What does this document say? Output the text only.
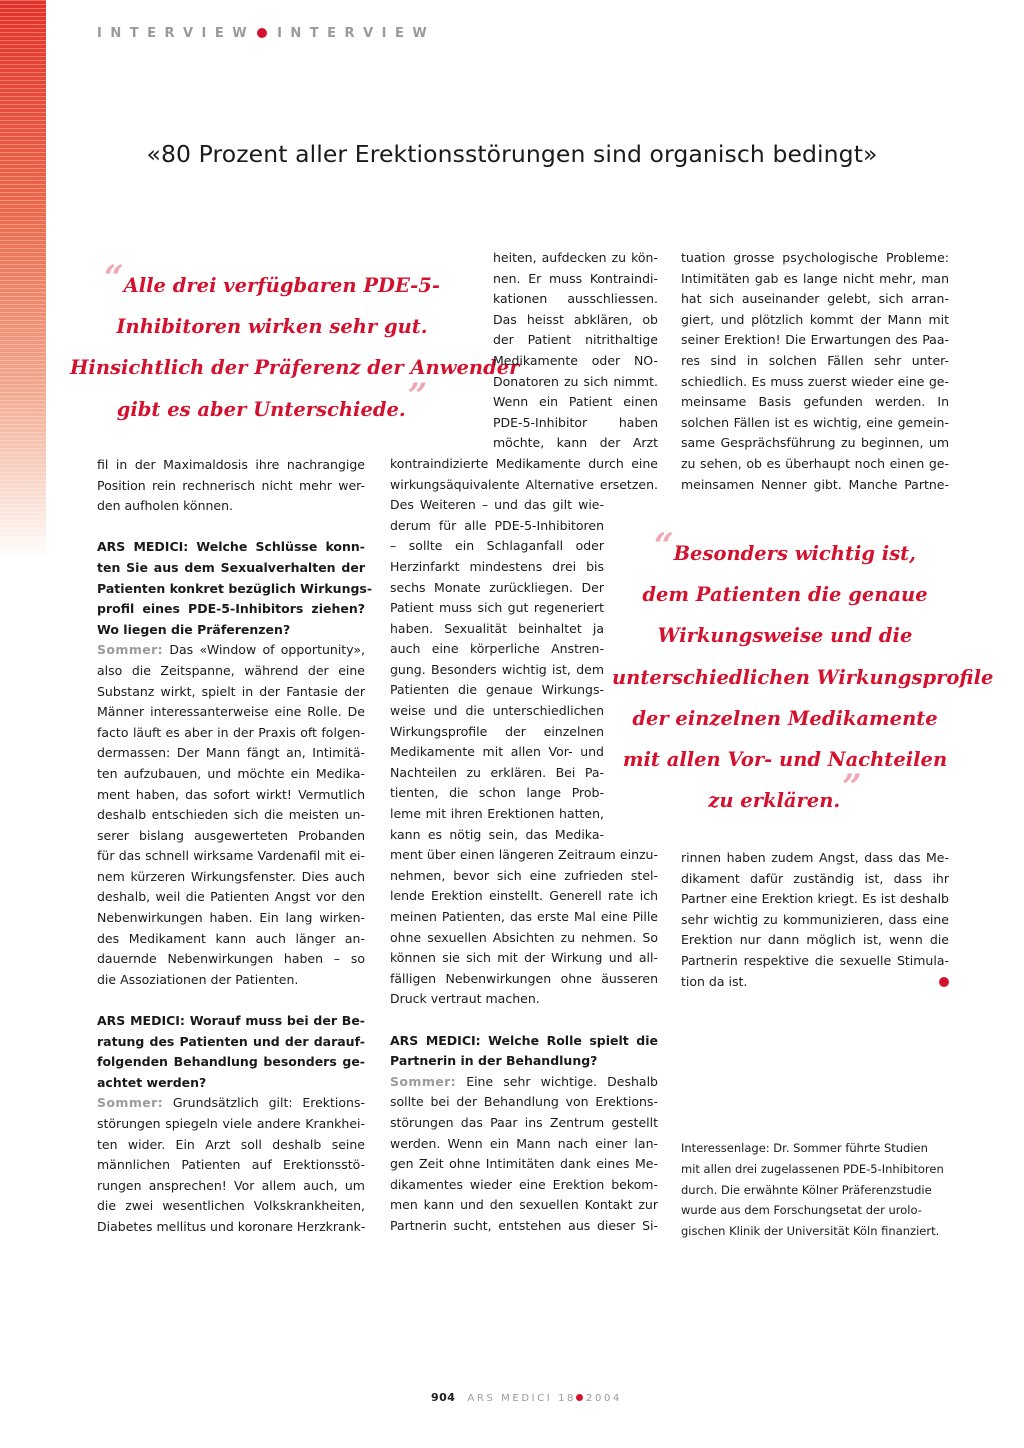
INTERVIEW INTERVIEW
«80 Prozent aller Erektionsstörungen sind organisch bedingt»
“Alle drei verfügbaren PDE-5-
Inhibitoren wirken sehr gut.
Hinsichtlich der Präferenz der Anwender
gibt es aber Unterschiede.”

fil in der Maximaldosis ihre nachrangige

Position rein rechnerisch nicht mehr wer-

den aufholen können.

ARS MEDICI: Welche Schlüsse konn-

ten Sie aus dem Sexualverhalten der

Patienten konkret bezüglich Wirkungs-

profil eines PDE-5-Inhibitors ziehen?

Wo liegen die Präferenzen?

Sommer: Das «Window of opportunity»,

also die Zeitspanne, während der eine

Substanz wirkt, spielt in der Fantasie der

Männer interessanterweise eine Rolle. De

facto läuft es aber in der Praxis oft folgen-

dermassen: Der Mann fängt an, Intimitä-

ten aufzubauen, und möchte ein Medika-

ment haben, das sofort wirkt! Vermutlich

deshalb entschieden sich die meisten un-

serer bislang ausgewerteten Probanden

für das schnell wirksame Vardenafil mit ei-

nem kürzeren Wirkungsfenster. Dies auch

deshalb, weil die Patienten Angst vor den

Nebenwirkungen haben. Ein lang wirken-

des Medikament kann auch länger an-

dauernde Nebenwirkungen haben – so

die Assoziationen der Patienten.

ARS MEDICI: Worauf muss bei der Be-

ratung des Patienten und der darauf-

folgenden Behandlung besonders ge-

achtet werden?

Sommer: Grundsätzlich gilt: Erektions-

störungen spiegeln viele andere Krankhei-

ten wider. Ein Arzt soll deshalb seine

männlichen Patienten auf Erektionsstö-

rungen ansprechen! Vor allem auch, um

die zwei wesentlichen Volkskrankheiten,

Diabetes mellitus und koronare Herzkrank-

heiten, aufdecken zu kön-

nen. Er muss Kontraindi-

kationen ausschliessen.

Das heisst abklären, ob

der Patient nitrithaltige

Medikamente oder NO-

Donatoren zu sich nimmt.

Wenn ein Patient einen

PDE-5-Inhibitor haben

möchte, kann der Arzt

kontraindizierte Medikamente durch eine

wirkungsäquivalente Alternative ersetzen.

Des Weiteren – und das gilt wie-

derum für alle PDE-5-Inhibitoren

– sollte ein Schlaganfall oder

Herzinfarkt mindestens drei bis

sechs Monate zurückliegen. Der

Patient muss sich gut regeneriert

haben. Sexualität beinhaltet ja

auch eine körperliche Anstren-

gung. Besonders wichtig ist, dem

Patienten die genaue Wirkungs-

weise und die unterschiedlichen

Wirkungsprofile der einzelnen

Medikamente mit allen Vor- und

Nachteilen zu erklären. Bei Pa-

tienten, die schon lange Prob-

leme mit ihren Erektionen hatten,

kann es nötig sein, das Medika-

ment über einen längeren Zeitraum einzu-

nehmen, bevor sich eine zufrieden stel-

lende Erektion einstellt. Generell rate ich

meinen Patienten, das erste Mal eine Pille

ohne sexuellen Absichten zu nehmen. So

können sie sich mit der Wirkung und all-

fälligen Nebenwirkungen ohne äusseren

Druck vertraut machen.

ARS MEDICI: Welche Rolle spielt die

Partnerin in der Behandlung?

Sommer: Eine sehr wichtige. Deshalb

sollte bei der Behandlung von Erektions-

störungen das Paar ins Zentrum gestellt

werden. Wenn ein Mann nach einer lan-

gen Zeit ohne Intimitäten dank eines Me-

dikamentes wieder eine Erektion bekom-

men kann und den sexuellen Kontakt zur

Partnerin sucht, entstehen aus dieser Si-

tuation grosse psychologische Probleme:

Intimitäten gab es lange nicht mehr, man

hat sich auseinander gelebt, sich arran-

giert, und plötzlich kommt der Mann mit

seiner Erektion! Die Erwartungen des Paa-

res sind in solchen Fällen sehr unter-

schiedlich. Es muss zuerst wieder eine ge-

meinsame Basis gefunden werden. In

solchen Fällen ist es wichtig, eine gemein-

same Gesprächsführung zu beginnen, um

zu sehen, ob es überhaupt noch einen ge-

meinsamen Nenner gibt. Manche Partne-

“Besonders wichtig ist,
dem Patienten die genaue
Wirkungsweise und die
unterschiedlichen Wirkungsprofile
der einzelnen Medikamente
mit allen Vor- und Nachteilen
zu erklären.”

rinnen haben zudem Angst, dass das Me-

dikament dafür zuständig ist, dass ihr

Partner eine Erektion kriegt. Es ist deshalb

sehr wichtig zu kommunizieren, dass eine

Erektion nur dann möglich ist, wenn die

Partnerin respektive die sexuelle Stimula-

tion da ist.

Interessenlage: Dr. Sommer führte Studien

mit allen drei zugelassenen PDE-5-Inhibitoren

durch. Die erwähnte Kölner Präferenzstudie

wurde aus dem Forschungsetat der urolo-

gischen Klinik der Universität Köln finanziert.

904 ARS MEDICI 18 2004
